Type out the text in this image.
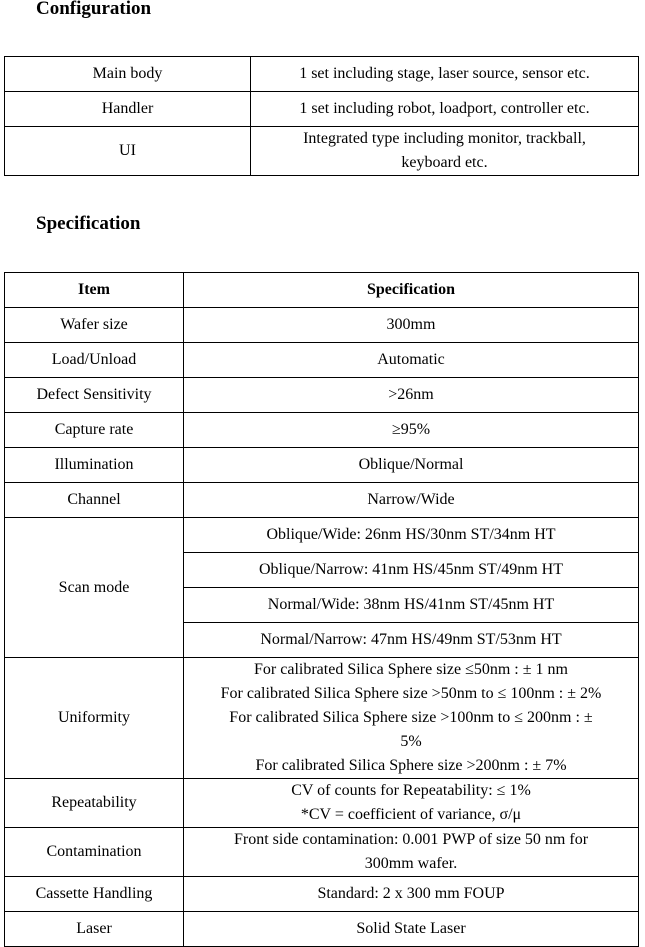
Configuration
Main body	1 set including stage, laser source, sensor etc.
Handler	1 set including robot, loadport, controller etc.
UI	Integrated type including monitor, trackball,
keyboard etc.
Specification
Item	Specification
Wafer size	300mm
Load/Unload	Automatic
Defect Sensitivity	>26nm
Capture rate	≥95%
Illumination	Oblique/Normal
Channel	Narrow/Wide
Scan mode	Oblique/Wide: 26nm HS/30nm ST/34nm HT
	Oblique/Narrow: 41nm HS/45nm ST/49nm HT
	Normal/Wide: 38nm HS/41nm ST/45nm HT
	Normal/Narrow: 47nm HS/49nm ST/53nm HT
Uniformity	For calibrated Silica Sphere size ≤50nm : ± 1 nm
For calibrated Silica Sphere size >50nm to ≤ 100nm : ± 2%
For calibrated Silica Sphere size >100nm to ≤ 200nm : ±
5%
For calibrated Silica Sphere size >200nm : ± 7%

Repeatability	CV of counts for Repeatability: ≤ 1%
*CV = coefficient of variance, σ/μ

Contamination	Front side contamination: 0.001 PWP of size 50 nm for
300mm wafer.

Cassette Handling	Standard: 2 x 300 mm FOUP
Laser	Solid State Laser
